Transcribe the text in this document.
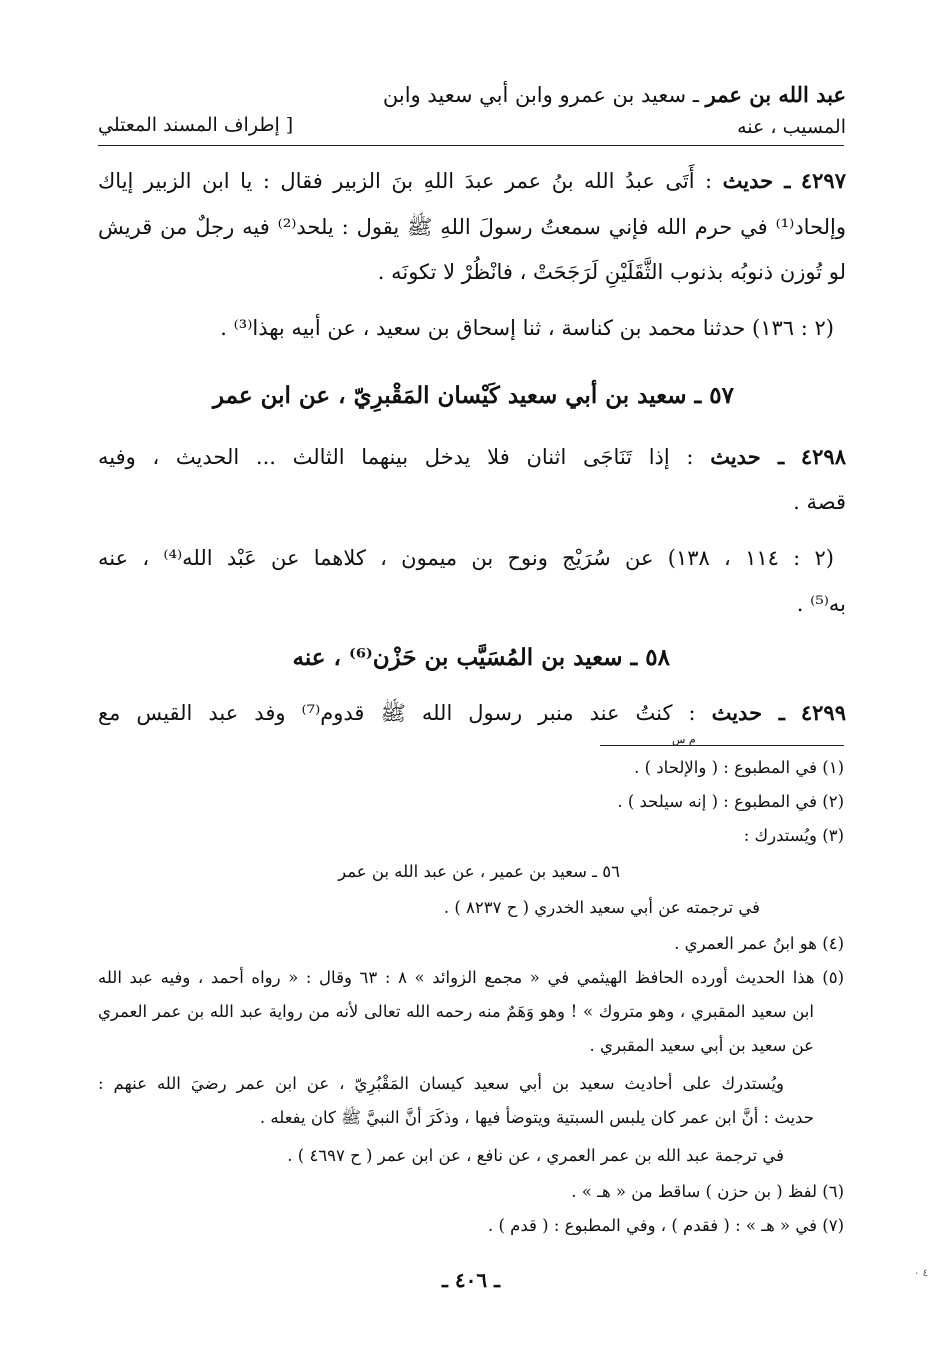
عبد الله بن عمر ـ سعيد بن عمرو وابن أبي سعيد وابن
المسيب ، عنه
[ إطراف المسند المعتلي
٤٢٩٧ ـ حديث : أَتَى عبدُ الله بنُ عمر عبدَ اللهِ بنَ الزبير فقال : يا ابن الزبير إياك
وإلحاد⁽¹⁾ في حرم الله فإني سمعتُ رسولَ اللهِ ﷺ يقول : يلحد⁽²⁾ فيه رجلٌ من قريش
لو تُوزن ذنوبُه بذنوب الثَّقَلَيْنِ لَرَجَحَتْ ، فانْظُرْ لا تكونَه .
(٢ : ١٣٦) حدثنا محمد بن كناسة ، ثنا إسحاق بن سعيد ، عن أبيه بهذا⁽³⁾ .
٥٧ ـ سعيد بن أبي سعيد كَيْسان المَقْبرِيّ ، عن ابن عمر
٤٢٩٨ ـ حديث : إذا تَنَاجَى اثنان فلا يدخل بينهما الثالث ... الحديث ، وفيه
قصة .
(٢ : ١١٤ ، ١٣٨) عن سُرَيْج ونوح بن ميمون ، كلاهما عن عَبْد الله⁽⁴⁾ ، عنه
به⁽⁵⁾ .
٥٨ ـ سعيد بن المُسَيَّب بن حَزْن⁽⁶⁾ ، عنه
٤٢٩٩ ـ حديث : كنتُ عند منبر رسول الله ﷺ قدوم⁽⁷⁾ وفد عبد القيس مع
م س
(١) في المطبوع : ( والإلحاد ) .
(٢) في المطبوع : ( إنه سيلحد ) .
(٣) ويُستدرك :
٥٦ ـ سعيد بن عمير ، عن عبد الله بن عمر
في ترجمته عن أبي سعيد الخدري ( ح ٨٢٣٧ ) .
(٤) هو ابنُ عمر العمري .
(٥) هذا الحديث أورده الحافظ الهيثمي في « مجمع الزوائد » ٨ : ٦٣ وقال : « رواه أحمد ، وفيه عبد الله
ابن سعيد المقبري ، وهو متروك » ! وهو وَهَمٌ منه رحمه الله تعالى لأنه من رواية عبد الله بن عمر العمري
عن سعيد بن أبي سعيد المقبري .
ويُستدرك على أحاديث سعيد بن أبي سعيد كيسان المَقْبُرِيّ ، عن ابن عمر رضيَ الله عنهم :
حديث : أنَّ ابن عمر كان يلبس السبتية ويتوضأ فيها ، وذكَرَ أنَّ النبيَّ ﷺ كان يفعله .
في ترجمة عبد الله بن عمر العمري ، عن نافع ، عن ابن عمر ( ح ٤٦٩٧ ) .
(٦) لفظ ( بن حزن ) ساقط من « هـ » .
(٧) في « هـ » : ( فقدم ) ، وفي المطبوع : ( قدم ) .
ـ ٤٠٦ ـ	٤ ٠
